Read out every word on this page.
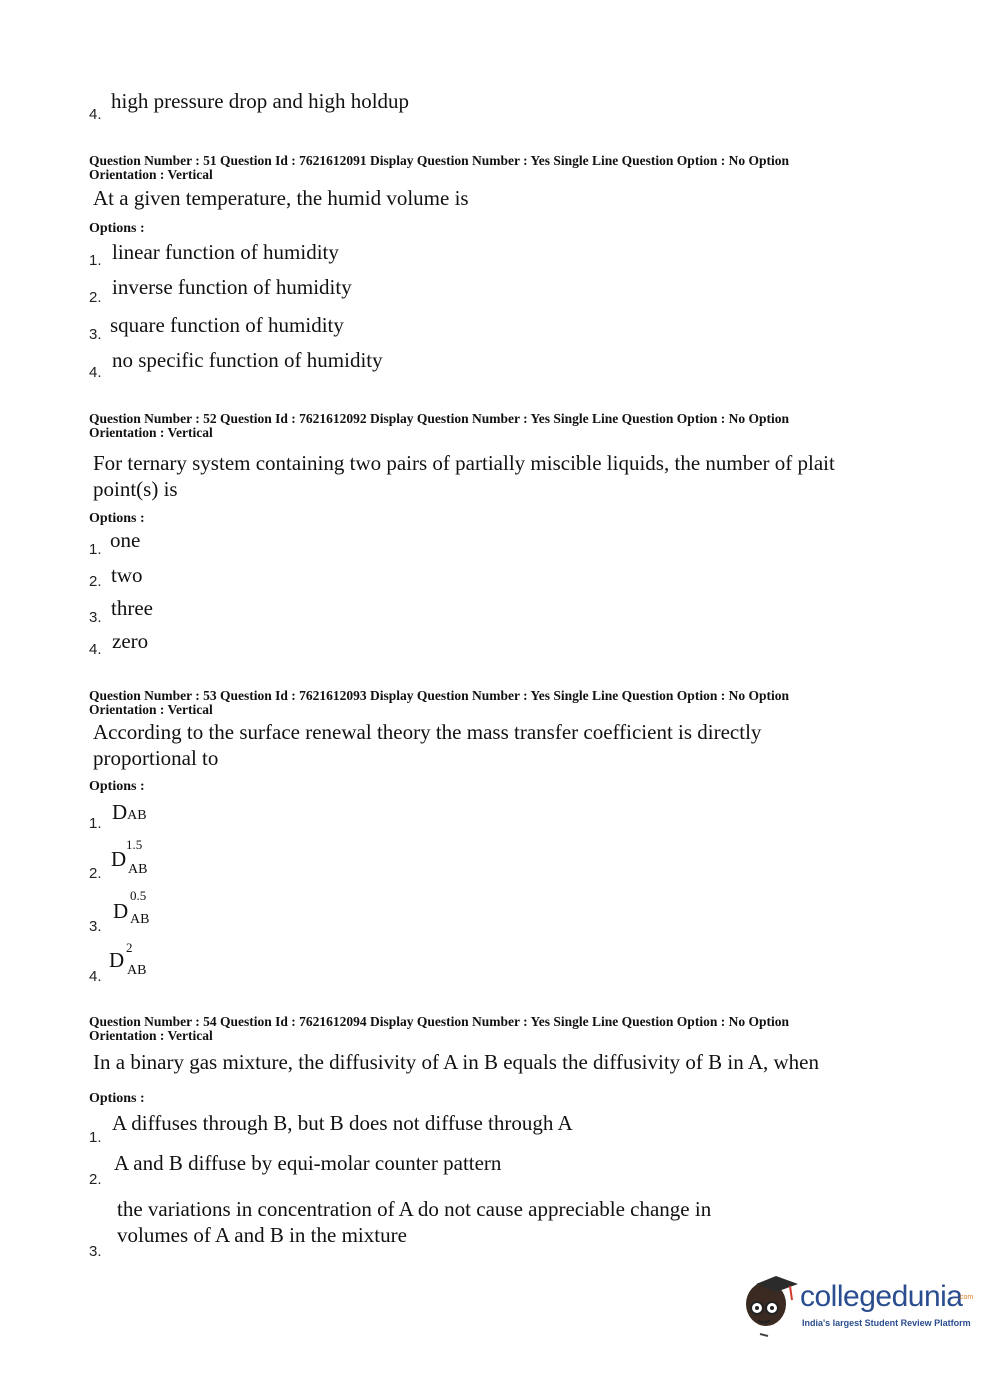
4.
high pressure drop and high holdup
Question Number : 51 Question Id : 7621612091 Display Question Number : Yes Single Line Question Option : No Option
Orientation : Vertical
At a given temperature, the humid volume is
Options :
1. linear function of humidity
2. inverse function of humidity
3. square function of humidity
4.
no specific function of humidity
Question Number : 52 Question Id : 7621612092 Display Question Number : Yes Single Line Question Option : No Option
Orientation : Vertical
For ternary system containing two pairs of partially miscible liquids, the number of plait
point(s) is
Options :
1. one
2. two
3. three
4. zero
Question Number : 53 Question Id : 7621612093 Display Question Number : Yes Single Line Question Option : No Option
Orientation : Vertical
According to the surface renewal theory the mass transfer coefficient is directly
proportional to
Options :
1. DAB
2.
1.5
D AB
3.
0.5
D AB
4.
2
D AB
Question Number : 54 Question Id : 7621612094 Display Question Number : Yes Single Line Question Option : No Option
Orientation : Vertical
In a binary gas mixture, the diffusivity of A in B equals the diffusivity of B in A, when
Options :
1.
A diffuses through B, but B does not diffuse through A
2.
A and B diffuse by equi-molar counter pattern
3.
the variations in concentration of A do not cause appreciable change in
volumes of A and B in the mixture
collegedunia
.com
India's largest Student Review Platform
